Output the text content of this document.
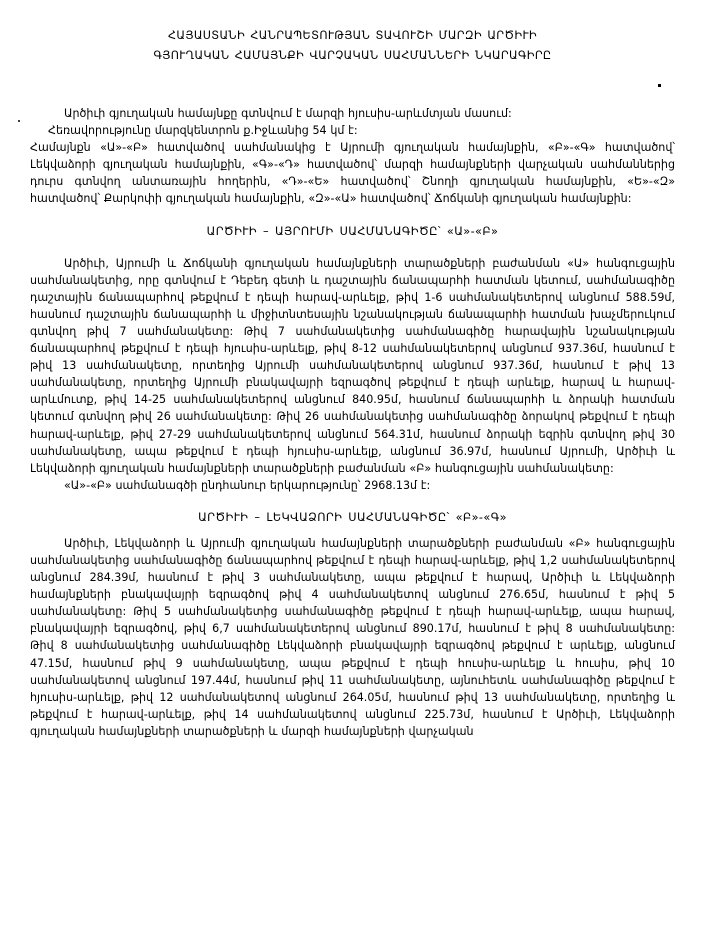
ՀԱՅԱՍՏԱՆԻ ՀԱՆՐԱՊԵՏՈՒԹՅԱՆ ՏԱՎՈՒՇԻ ՄԱՐԶԻ ԱՐԾԻՒԻ
ԳՅՈՒՂԱԿԱՆ ՀԱՄԱՅՆՔԻ ՎԱՐՉԱԿԱՆ ՍԱՀՄԱՆՆԵՐԻ ՆԿԱՐԱԳԻՐԸ

Արծիւի գյուղական համայնքը գտնվում է մարզի հյուսիս-արևմտյան մասում:

Հեռավորությունը մարզկենտրոն ք.Իջևանից 54 կմ է:

Համայնքն «Ա»-«Բ» հատվածով սահմանակից է Այրումի գյուղական համայնքին, «Բ»-«Գ» հատվածով՝ Լեկվաձորի գյուղական համայնքին, «Գ»-«Դ» հատվածով՝ մարզի համայնքների վարչական սահմաններից դուրս գտնվող անտառային հողերին, «Դ»-«Ե» հատվածով՝ Շնողի գյուղական համայնքին, «Ե»-«Զ» հատվածով՝ Քարկոփի գյուղական համայնքին, «Զ»-«Ա» հատվածով՝ Ճոճկանի գյուղական համայնքին:

ԱՐԾԻՒԻ – ԱՅՐՈՒՄԻ ՍԱՀՄԱՆԱԳԻԾԸ՝ «Ա»-«Բ»

Արծիւի, Այրումի և Ճոճկանի գյուղական համայնքների տարածքների բաժանման «Ա» հանգուցային սահմանակետից, որը գտնվում է Դեբեդ գետի և դաշտային ճանապարհի հատման կետում, սահմանագիծը դաշտային ճանապարհով թեքվում է դեպի հարավ-արևելք, թիվ 1-6 սահմանակետերով անցնում 588.59մ, հասնում դաշտային ճանապարհի և միջիտնտեսային նշանակության ճանապարհի հատման խաչմերուկում գտնվող թիվ 7 սահմանակետը: Թիվ 7 սահմանակետից սահմանագիծը հարավային նշանակության ճանապարհով թեքվում է դեպի հյուսիս-արևելք, թիվ 8-12 սահմանակետերով անցնում 937.36մ, հասնում է թիվ 13 սահմանակետը, որտեղից Այրումի սահմանակետերով անցնում 937.36մ, հասնում է թիվ 13 սահմանակետը, որտեղից Այրումի բնակավայրի եզրագծով թեքվում է դեպի արևելք, հարավ և հարավ-արևմուտք, թիվ 14-25 սահմանակետերով անցնում 840.95մ, հասնում ճանապարհի և ձորակի հատման կետում գտնվող թիվ 26 սահմանակետը: Թիվ 26 սահմանակետից սահմանագիծը ձորակով թեքվում է դեպի հարավ-արևելք, թիվ 27-29 սահմանակետերով անցնում 564.31մ, հասնում ձորակի եզրին գտնվող թիվ 30 սահմանակետը, ապա թեքվում է դեպի հյուսիս-արևելք, անցնում 36.97մ, հասնում Այրումի, Արծիւի և Լեկվաձորի գյուղական համայնքների տարածքների բաժանման «Բ» հանգուցային սահմանակետը:

«Ա»-«Բ» սահմանագծի ընդհանուր երկարությունը՝ 2968.13մ է:

ԱՐԾԻՒԻ – ԼԵԿՎԱՁՈՐԻ ՍԱՀՄԱՆԱԳԻԾԸ՝ «Բ»-«Գ»

Արծիւի, Լեկվաձորի և Այրումի գյուղական համայնքների տարածքների բաժանման «Բ» հանգուցային սահմանակետից սահմանագիծը ճանապարհով թեքվում է դեպի հարավ-արևելք, թիվ 1,2 սահմանակետերով անցնում 284.39մ, հասնում է թիվ 3 սահմանակետը, ապա թեքվում է հարավ, Արծիւի և Լեկվաձորի համայնքների բնակավայրի եզրագծով թիվ 4 սահմանակետով անցնում 276.65մ, հասնում է թիվ 5 սահմանակետը: Թիվ 5 սահմանակետից սահմանագիծը թեքվում է դեպի հարավ-արևելք, ապա հարավ, բնակավայրի եզրագծով, թիվ 6,7 սահմանակետերով անցնում 890.17մ, հասնում է թիվ 8 սահմանակետը: Թիվ 8 սահմանակետից սահմանագիծը Լեկվաձորի բնակավայրի եզրագծով թեքվում է արևելք, անցնում 47.15մ, հասնում թիվ 9 սահմանակետը, ապա թեքվում է դեպի հուսիս-արևելք և հուսիս, թիվ 10 սահմանակետով անցնում 197.44մ, հասնում թիվ 11 սահմանակետը, այնուհետև սահմանագիծը թեքվում է հյուսիս-արևելք, թիվ 12 սահմանակետով անցնում 264.05մ, հասնում թիվ 13 սահմանակետը, որտեղից և թեքվում է հարավ-արևելք, թիվ 14 սահմանակետով անցնում 225.73մ, հասնում է Արծիւի, Լեկվաձորի գյուղական համայնքների տարածքների և մարզի համայնքների վարչական
